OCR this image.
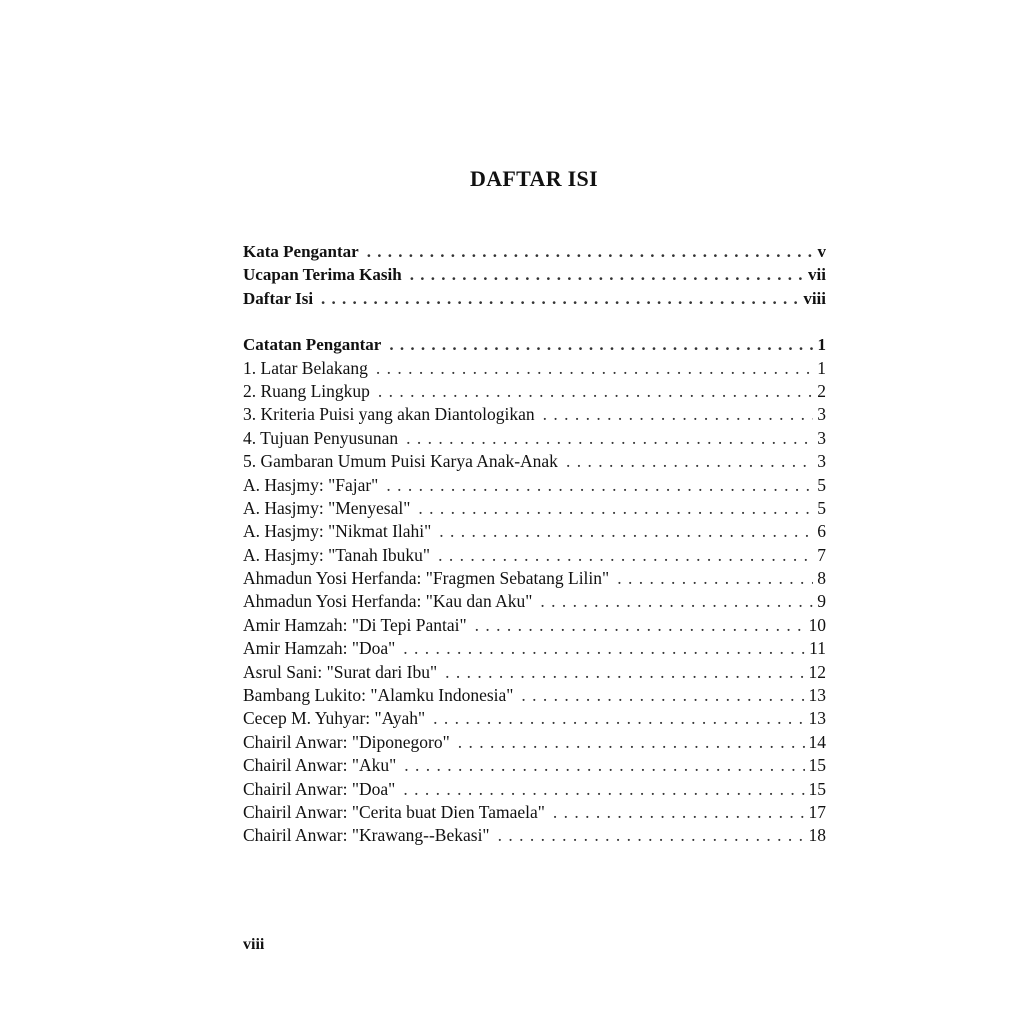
DAFTAR ISI
Kata Pengantar . . .	v
Ucapan Terima Kasih . . .	vii
Daftar Isi . . .	viii
Catatan Pengantar . . .	1
1. Latar Belakang . . .	1
2. Ruang Lingkup . . .	2
3. Kriteria Puisi yang akan Diantologikan . . .	3
4. Tujuan Penyusunan . . .	3
5. Gambaran Umum Puisi Karya Anak-Anak . . .	3
A. Hasjmy: "Fajar" . . .	5
A. Hasjmy: "Menyesal" . . .	5
A. Hasjmy: "Nikmat Ilahi" . . .	6
A. Hasjmy: "Tanah Ibuku" . . .	7
Ahmadun Yosi Herfanda: "Fragmen Sebatang Lilin" . . .	8
Ahmadun Yosi Herfanda: "Kau dan Aku" . . .	9
Amir Hamzah: "Di Tepi Pantai" . . .	10
Amir Hamzah: "Doa" . . .	11
Asrul Sani: "Surat dari Ibu" . . .	12
Bambang Lukito: "Alamku Indonesia" . . .	13
Cecep M. Yuhyar: "Ayah" . . .	13
Chairil Anwar: "Diponegoro" . . .	14
Chairil Anwar: "Aku" . . .	15
Chairil Anwar: "Doa" . . .	15
Chairil Anwar: "Cerita buat Dien Tamaela" . . .	17
Chairil Anwar: "Krawang--Bekasi" . . .	18
viii
